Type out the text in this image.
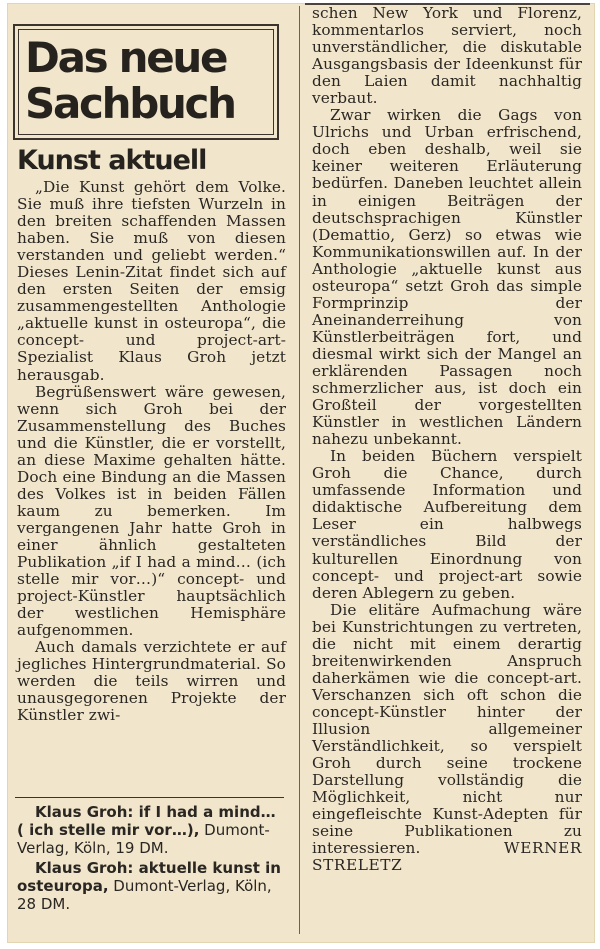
Das neue
Sachbuch
Kunst aktuell

„Die Kunst gehört dem Volke. Sie muß ihre tiefsten Wurzeln in den breiten schaffenden Massen haben. Sie muß von diesen verstanden und geliebt werden.“ Dieses Lenin-Zitat findet sich auf den ersten Seiten der emsig zusammengestellten Anthologie „aktuelle kunst in osteuropa“, die concept- und project-art-Spezialist Klaus Groh jetzt herausgab.

Begrüßenswert wäre gewesen, wenn sich Groh bei der Zusammenstellung des Buches und die Künstler, die er vorstellt, an diese Maxime gehalten hätte. Doch eine Bindung an die Massen des Volkes ist in beiden Fällen kaum zu bemerken. Im vergangenen Jahr hatte Groh in einer ähnlich gestalteten Publikation „if I had a mind… (ich stelle mir vor…)“ concept- und project-Künstler hauptsächlich der westlichen Hemisphäre aufgenommen.

Auch damals verzichtete er auf jegliches Hintergrundmaterial. So werden die teils wirren und unausgegorenen Projekte der Künstler zwi-

Klaus Groh: if I had a mind… ( ich stelle mir vor…), Dumont-Verlag, Köln, 19 DM.

Klaus Groh: aktuelle kunst in osteuropa, Dumont-Verlag, Köln, 28 DM.

schen New York und Florenz, kommentarlos serviert, noch unverständlicher, die diskutable Ausgangsbasis der Ideenkunst für den Laien damit nachhaltig verbaut.

Zwar wirken die Gags von Ulrichs und Urban erfrischend, doch eben deshalb, weil sie keiner weiteren Erläuterung bedürfen. Daneben leuchtet allein in einigen Beiträgen der deutschsprachigen Künstler (Demattio, Gerz) so etwas wie Kommunikationswillen auf. In der Anthologie „aktuelle kunst aus osteuropa“ setzt Groh das simple Formprinzip der Aneinanderreihung von Künstlerbeiträgen fort, und diesmal wirkt sich der Mangel an erklärenden Passagen noch schmerzlicher aus, ist doch ein Großteil der vorgestellten Künstler in westlichen Ländern nahezu unbekannt.

In beiden Büchern verspielt Groh die Chance, durch umfassende Information und didaktische Aufbereitung dem Leser ein halbwegs verständliches Bild der kulturellen Einordnung von concept- und project-art sowie deren Ablegern zu geben.

Die elitäre Aufmachung wäre bei Kunstrichtungen zu vertreten, die nicht mit einem derartig breitenwirkenden Anspruch daherkämen wie die concept-art. Verschanzen sich oft schon die concept-Künstler hinter der Illusion allgemeiner Verständlichkeit, so verspielt Groh durch seine trockene Darstellung vollständig die Möglichkeit, nicht nur eingefleischte Kunst-Adepten für seine Publikationen zu interessieren.	WERNER STRELETZ
